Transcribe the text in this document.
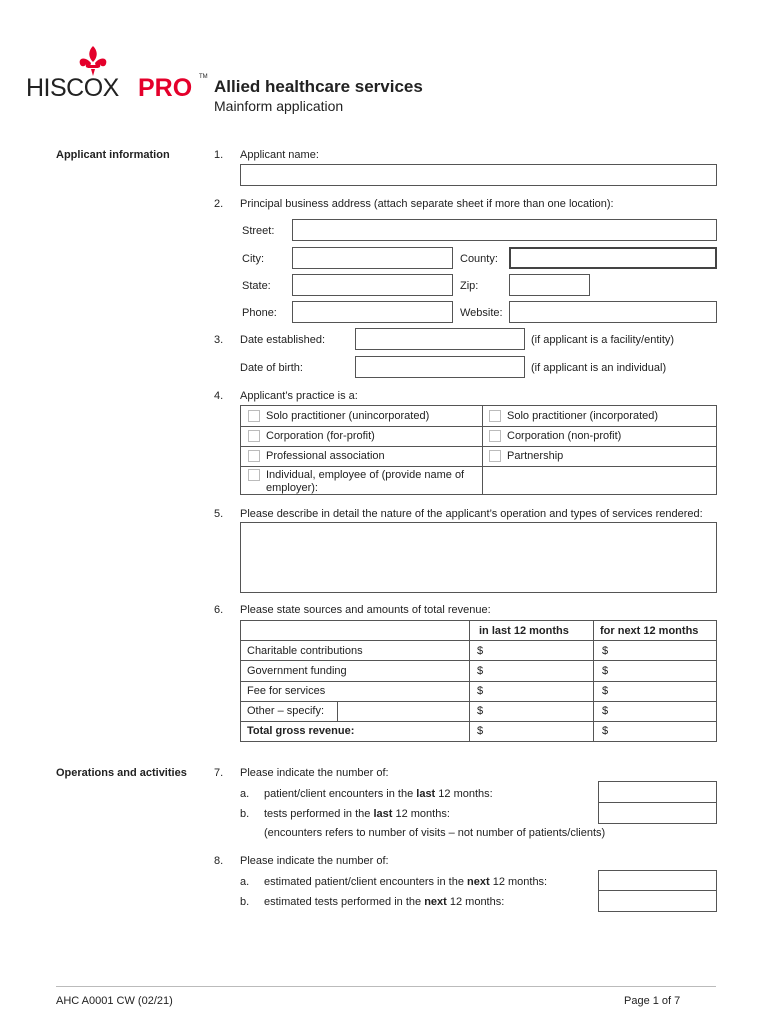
HISCOX PRO TM Allied healthcare services
Mainform application
Applicant information	1. Applicant name:
2. Principal business address (attach separate sheet if more than one location):
Street:
City:	County:
State:	Zip:
Phone:	Website:
3. Date established:	(if applicant is a facility/entity)
Date of birth:	(if applicant is an individual)
4. Applicant’s practice is a:
Solo practitioner (unincorporated)	Solo practitioner (incorporated)
Corporation (for-profit)	Corporation (non-profit)
Professional association	Partnership
Individual, employee of (provide name of
employer):
5. Please describe in detail the nature of the applicant’s operation and types of services rendered:
6. Please state sources and amounts of total revenue:
in last 12 months	for next 12 months
Charitable contributions	$	$
Government funding	$	$
Fee for services	$	$
Other – specify:	$	$
Total gross revenue:	$	$
Operations and activities 7. Please indicate the number of:
a. patient/client encounters in the last 12 months:
b. tests performed in the last 12 months:
(encounters refers to number of visits – not number of patients/clients)
8. Please indicate the number of:
a. estimated patient/client encounters in the next 12 months:
b. estimated tests performed in the next 12 months:
AHC A0001 CW (02/21)	Page 1 of 7
